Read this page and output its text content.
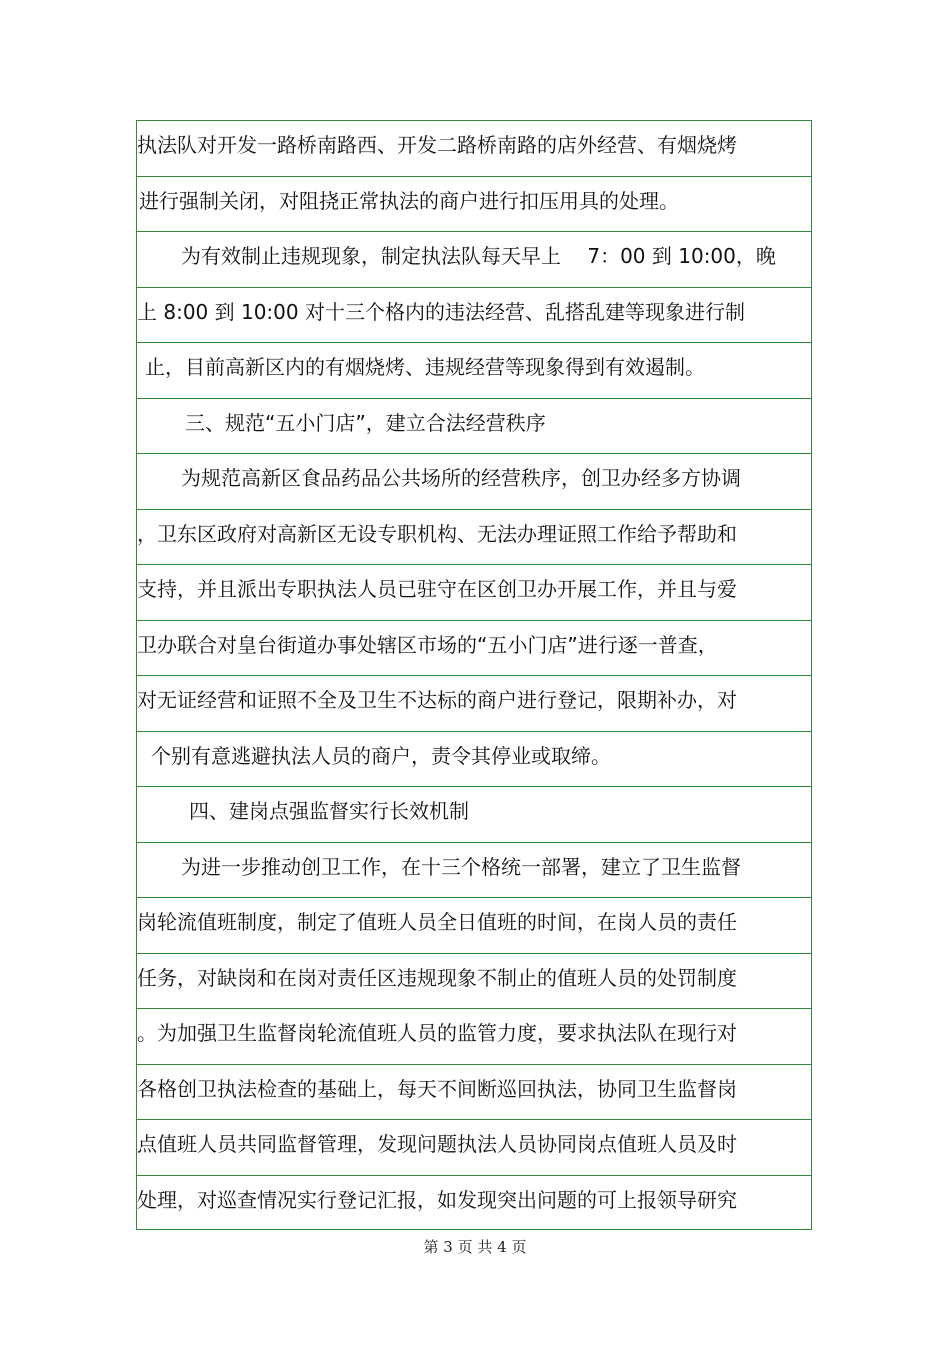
执法队对开发一路桥南路西、开发二路桥南路的店外经营、有烟烧烤
进行强制关闭，对阻挠正常执法的商户进行扣压用具的处理。
为有效制止违规现象，制定执法队每天早上　 7：00 到 10:00，晚
上 8:00 到 10:00 对十三个格内的违法经营、乱搭乱建等现象进行制
止，目前高新区内的有烟烧烤、违规经营等现象得到有效遏制。
三、规范“五小门店”，建立合法经营秩序
为规范高新区食品药品公共场所的经营秩序，创卫办经多方协调
，卫东区政府对高新区无设专职机构、无法办理证照工作给予帮助和
支持，并且派出专职执法人员已驻守在区创卫办开展工作，并且与爱
卫办联合对皇台街道办事处辖区市场的“五小门店”进行逐一普查，
对无证经营和证照不全及卫生不达标的商户进行登记，限期补办，对
个别有意逃避执法人员的商户，责令其停业或取缔。
四、建岗点强监督实行长效机制
为进一步推动创卫工作，在十三个格统一部署，建立了卫生监督
岗轮流值班制度，制定了值班人员全日值班的时间，在岗人员的责任
任务，对缺岗和在岗对责任区违规现象不制止的值班人员的处罚制度
。为加强卫生监督岗轮流值班人员的监管力度，要求执法队在现行对
各格创卫执法检查的基础上，每天不间断巡回执法，协同卫生监督岗
点值班人员共同监督管理，发现问题执法人员协同岗点值班人员及时
处理，对巡查情况实行登记汇报，如发现突出问题的可上报领导研究
第 3 页 共 4 页
